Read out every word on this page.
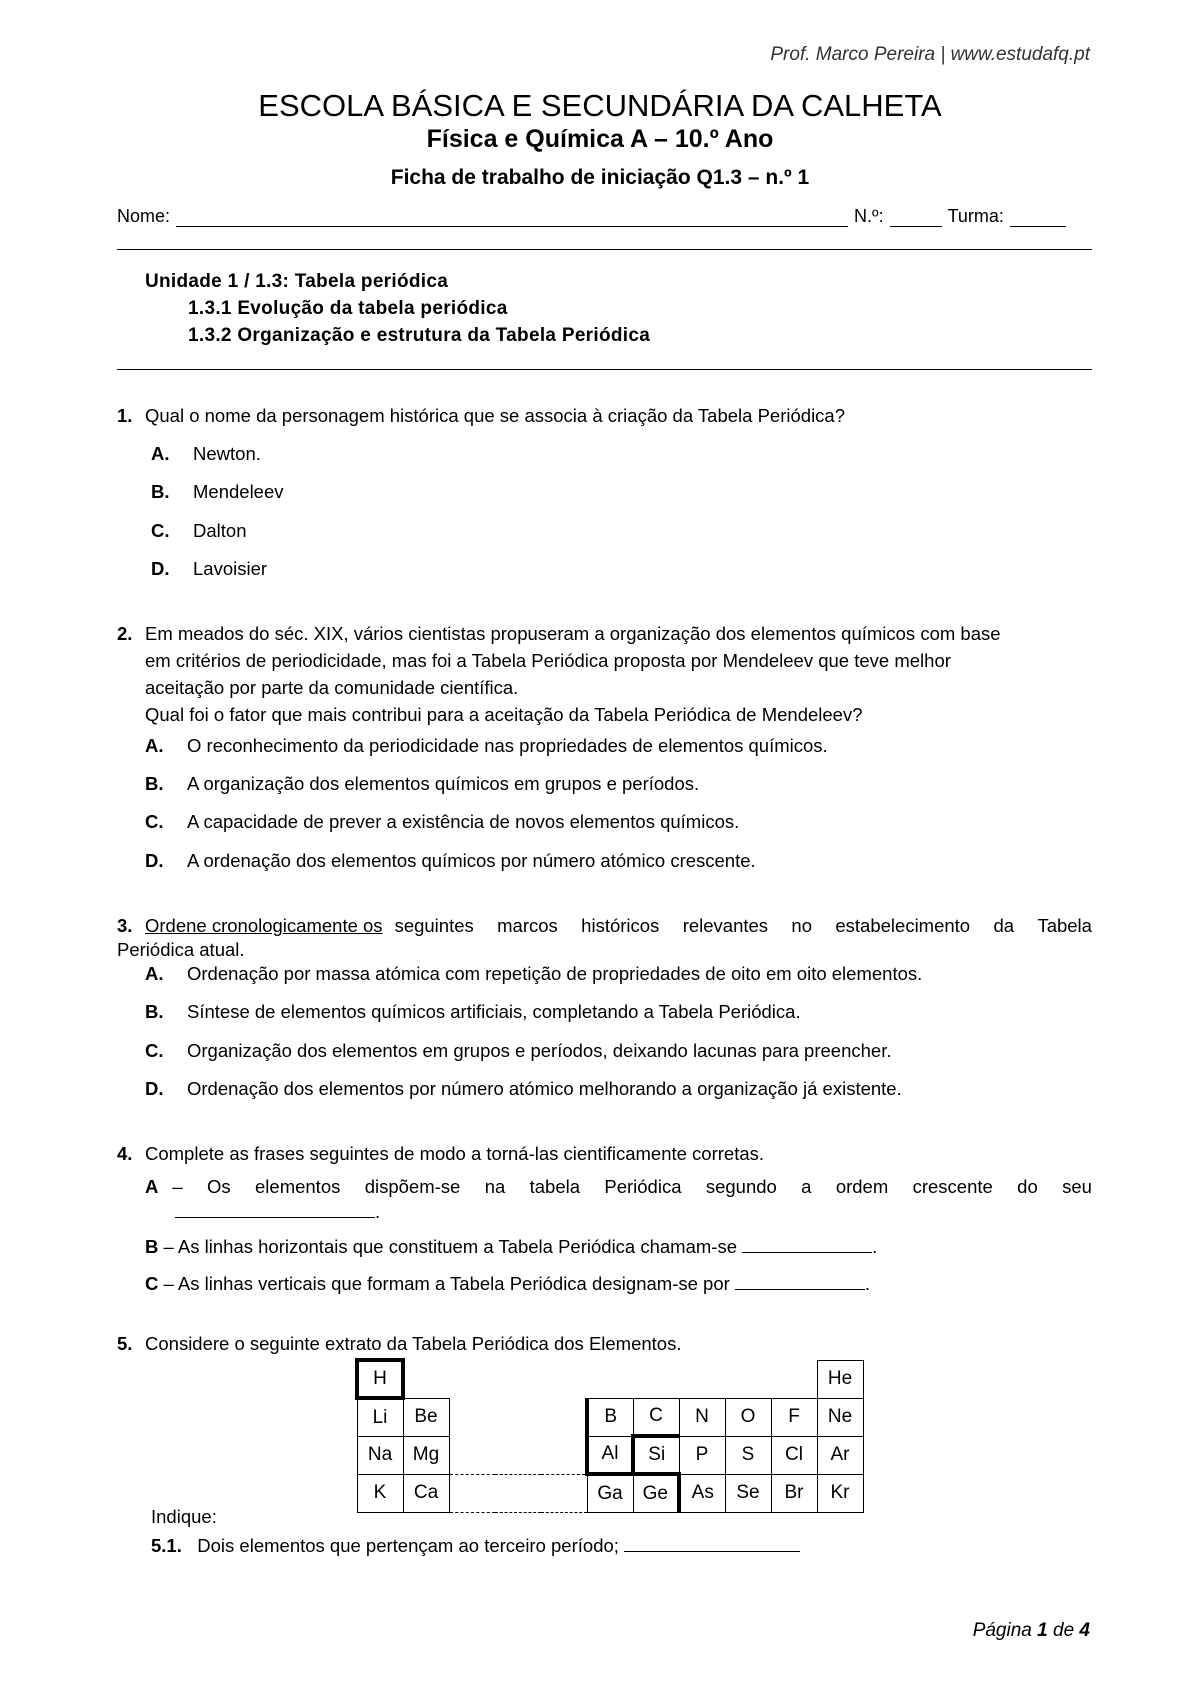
Prof. Marco Pereira | www.estudafq.pt
ESCOLA BÁSICA E SECUNDÁRIA DA CALHETA
Física e Química A – 10.º Ano
Ficha de trabalho de iniciação Q1.3 – n.º 1
Nome:	N.º:	Turma:
Unidade 1 / 1.3: Tabela periódica
1.3.1 Evolução da tabela periódica
1.3.2 Organização e estrutura da Tabela Periódica
1. Qual o nome da personagem histórica que se associa à criação da Tabela Periódica?
A. Newton.
B. Mendeleev
C. Dalton
D. Lavoisier
2. Em meados do séc. XIX, vários cientistas propuseram a organização dos elementos químicos com base
em critérios de periodicidade, mas foi a Tabela Periódica proposta por Mendeleev que teve melhor
aceitação por parte da comunidade científica.
Qual foi o fator que mais contribui para a aceitação da Tabela Periódica de Mendeleev?
A. O reconhecimento da periodicidade nas propriedades de elementos químicos.
B. A organização dos elementos químicos em grupos e períodos.
C. A capacidade de prever a existência de novos elementos químicos.
D. A ordenação dos elementos químicos por número atómico crescente.
3. Ordene cronologicamente os seguintes marcos históricos relevantes no estabelecimento da Tabela
Periódica atual.
A. Ordenação por massa atómica com repetição de propriedades de oito em oito elementos.
B. Síntese de elementos químicos artificiais, completando a Tabela Periódica.
C. Organização dos elementos em grupos e períodos, deixando lacunas para preencher.
D. Ordenação dos elementos por número atómico melhorando a organização já existente.
4. Complete as frases seguintes de modo a torná-las cientificamente corretas.
A – Os elementos dispõem-se na tabela Periódica segundo a ordem crescente do seu
.
B – As linhas horizontais que constituem a Tabela Periódica chamam-se	.
C – As linhas verticais que formam a Tabela Periódica designam-se por	.
5. Considere o seguinte extrato da Tabela Periódica dos Elementos.
H										He
Li	Be				B	C	N	O	F	Ne
Na	Mg				Al	Si	P	S	Cl	Ar
K	Ca				Ga	Ge	As	Se	Br	Kr
Indique:
5.1. Dois elementos que pertençam ao terceiro período;
Página 1 de 4
